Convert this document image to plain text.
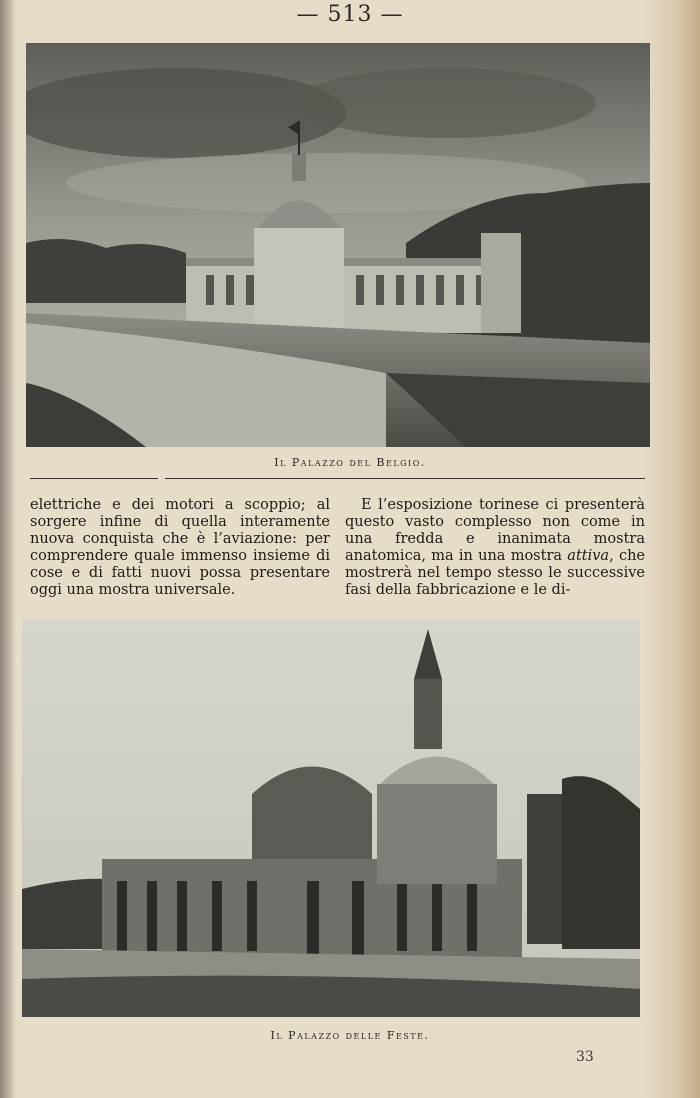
— 513 —
Il Palazzo del Belgio.

elettriche e dei motori a scoppio; al sorgere infine di quella interamente nuova conquista che è l’aviazione: per comprendere quale immenso insieme di cose e di fatti nuovi possa presentare oggi una mostra universale.

E l’esposizione torinese ci presenterà questo vasto complesso non come in una fredda e inanimata mostra anatomica, ma in una mostra attiva, che mostrerà nel tempo stesso le successive fasi della fabbricazione e le di-

Il Palazzo delle Feste.
33
